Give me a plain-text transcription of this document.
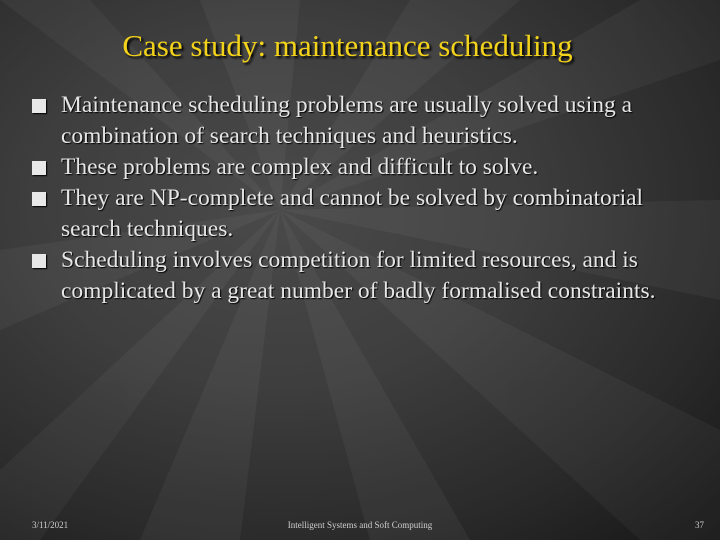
Case study: maintenance scheduling
Maintenance scheduling problems are usually solved using a combination of search techniques and heuristics.
These problems are complex and difficult to solve.
They are NP-complete and cannot be solved by combinatorial search techniques.
Scheduling involves competition for limited resources, and is complicated by a great number of badly formalised constraints.
3/11/2021	Intelligent Systems and Soft Computing	37
